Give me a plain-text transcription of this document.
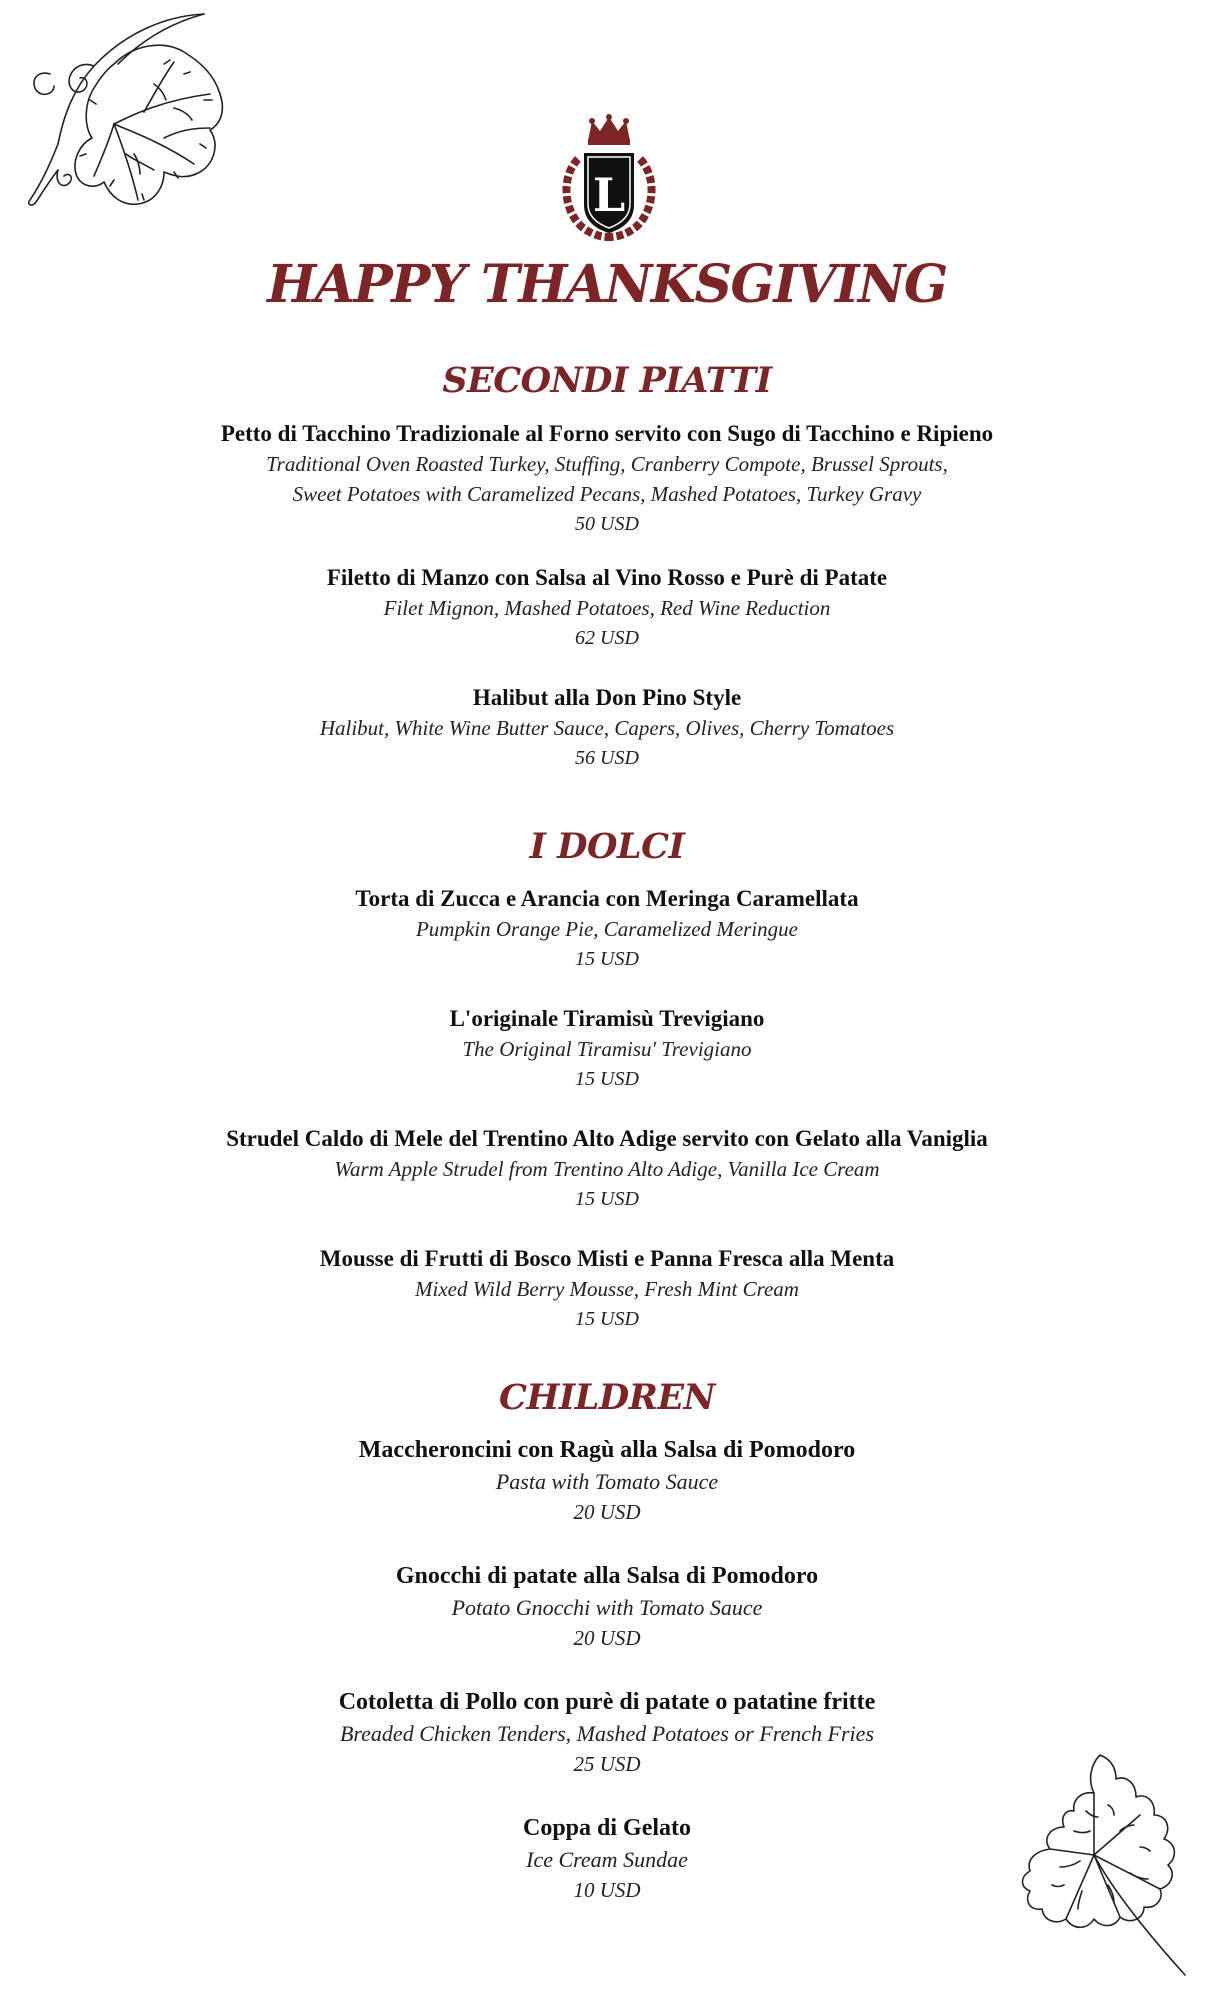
L
HAPPY THANKSGIVING
SECONDI PIATTI
Petto di Tacchino Tradizionale al Forno servito con Sugo di Tacchino e Ripieno
Traditional Oven Roasted Turkey, Stuffing, Cranberry Compote, Brussel Sprouts,
Sweet Potatoes with Caramelized Pecans, Mashed Potatoes, Turkey Gravy
50 USD
Filetto di Manzo con Salsa al Vino Rosso e Purè di Patate
Filet Mignon, Mashed Potatoes, Red Wine Reduction
62 USD
Halibut alla Don Pino Style
Halibut, White Wine Butter Sauce, Capers, Olives, Cherry Tomatoes
56 USD
I DOLCI
Torta di Zucca e Arancia con Meringa Caramellata
Pumpkin Orange Pie, Caramelized Meringue
15 USD
L'originale Tiramisù Trevigiano
The Original Tiramisu' Trevigiano
15 USD
Strudel Caldo di Mele del Trentino Alto Adige servito con Gelato alla Vaniglia
Warm Apple Strudel from Trentino Alto Adige, Vanilla Ice Cream
15 USD
Mousse di Frutti di Bosco Misti e Panna Fresca alla Menta
Mixed Wild Berry Mousse, Fresh Mint Cream
15 USD
CHILDREN
Maccheroncini con Ragù alla Salsa di Pomodoro
Pasta with Tomato Sauce
20 USD
Gnocchi di patate alla Salsa di Pomodoro
Potato Gnocchi with Tomato Sauce
20 USD
Cotoletta di Pollo con purè di patate o patatine fritte
Breaded Chicken Tenders, Mashed Potatoes or French Fries
25 USD
Coppa di Gelato
Ice Cream Sundae
10 USD
